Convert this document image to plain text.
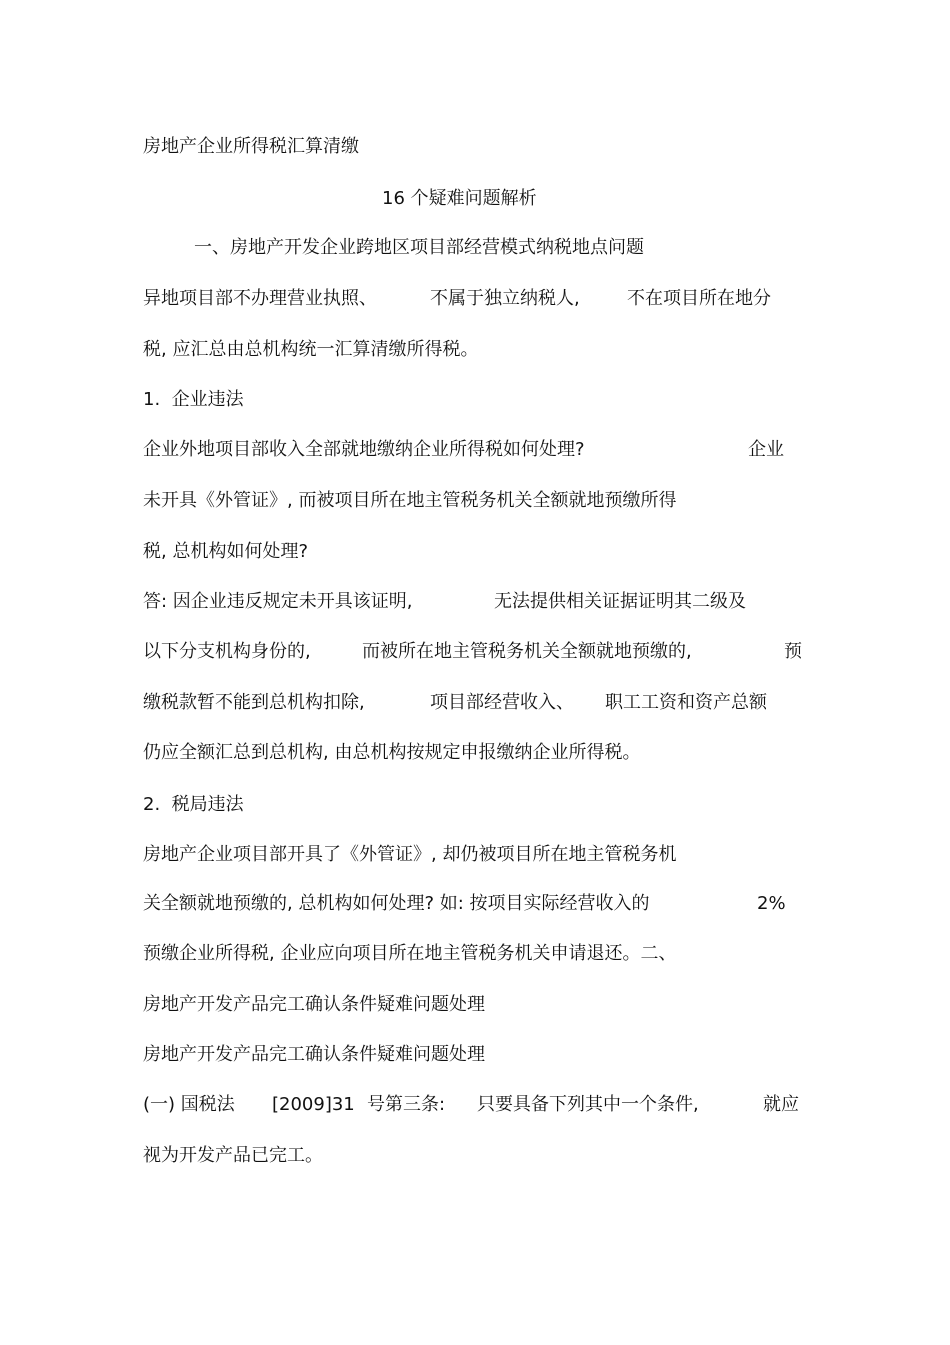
房地产企业所得税汇算清缴

16 个疑难问题解析

一、房地产开发企业跨地区项目部经营模式纳税地点问题

异地项目部不办理营业执照、	不属于独立纳税人,	不在项目所在地分

税, 应汇总由总机构统一汇算清缴所得税。

1.  企业违法

企业外地项目部收入全部就地缴纳企业所得税如何处理?	企业

未开具《外管证》, 而被项目所在地主管税务机关全额就地预缴所得

税, 总机构如何处理?

答: 因企业违反规定未开具该证明,	无法提供相关证据证明其二级及

以下分支机构身份的,	而被所在地主管税务机关全额就地预缴的,	预

缴税款暂不能到总机构扣除,	项目部经营收入、 职工工资和资产总额

仍应全额汇总到总机构, 由总机构按规定申报缴纳企业所得税。

2.  税局违法

房地产企业项目部开具了《外管证》, 却仍被项目所在地主管税务机

关全额就地预缴的, 总机构如何处理? 如: 按项目实际经营收入的	2%

预缴企业所得税, 企业应向项目所在地主管税务机关申请退还。二、

房地产开发产品完工确认条件疑难问题处理

房地产开发产品完工确认条件疑难问题处理

(一) 国税法 [2009]31 号第三条: 只要具备下列其中一个条件,	就应

视为开发产品已完工。
